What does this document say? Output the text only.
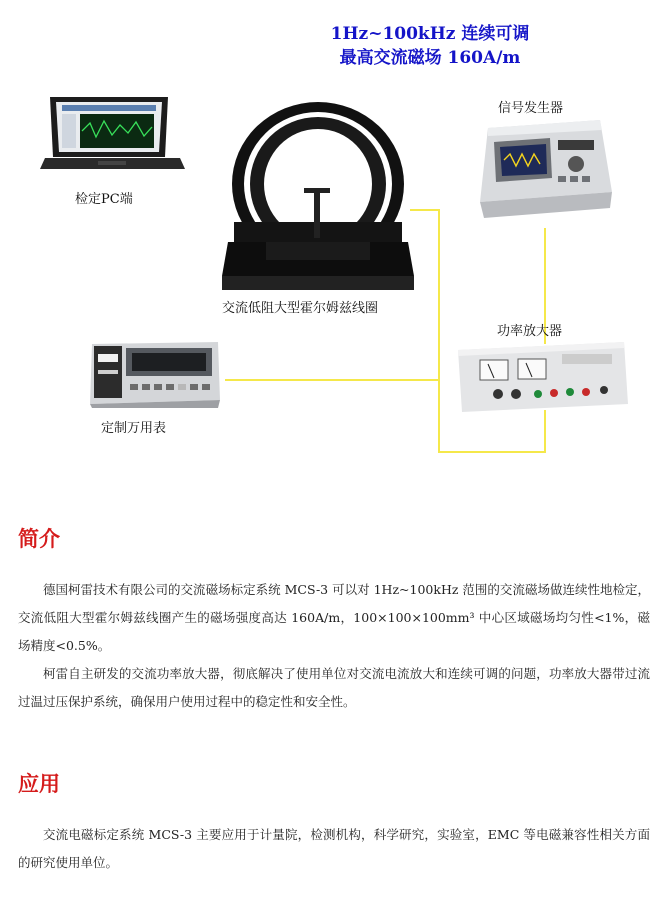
1Hz~100kHz 连续可调
最高交流磁场 160A/m
检定PC端
交流低阻大型霍尔姆兹线圈
信号发生器
功率放大器
定制万用表
简介

德国柯雷技术有限公司的交流磁场标定系统 MCS-3 可以对 1Hz~100kHz 范围的交流磁场做连续性地检定，交流低阻大型霍尔姆兹线圈产生的磁场强度高达 160A/m，100×100×100mm³ 中心区域磁场均匀性<1%，磁场精度<0.5%。

柯雷自主研发的交流功率放大器，彻底解决了使用单位对交流电流放大和连续可调的问题，功率放大器带过流过温过压保护系统，确保用户使用过程中的稳定性和安全性。

应用

交流电磁标定系统 MCS-3 主要应用于计量院，检测机构，科学研究，实验室，EMC 等电磁兼容性相关方面的研究使用单位。
